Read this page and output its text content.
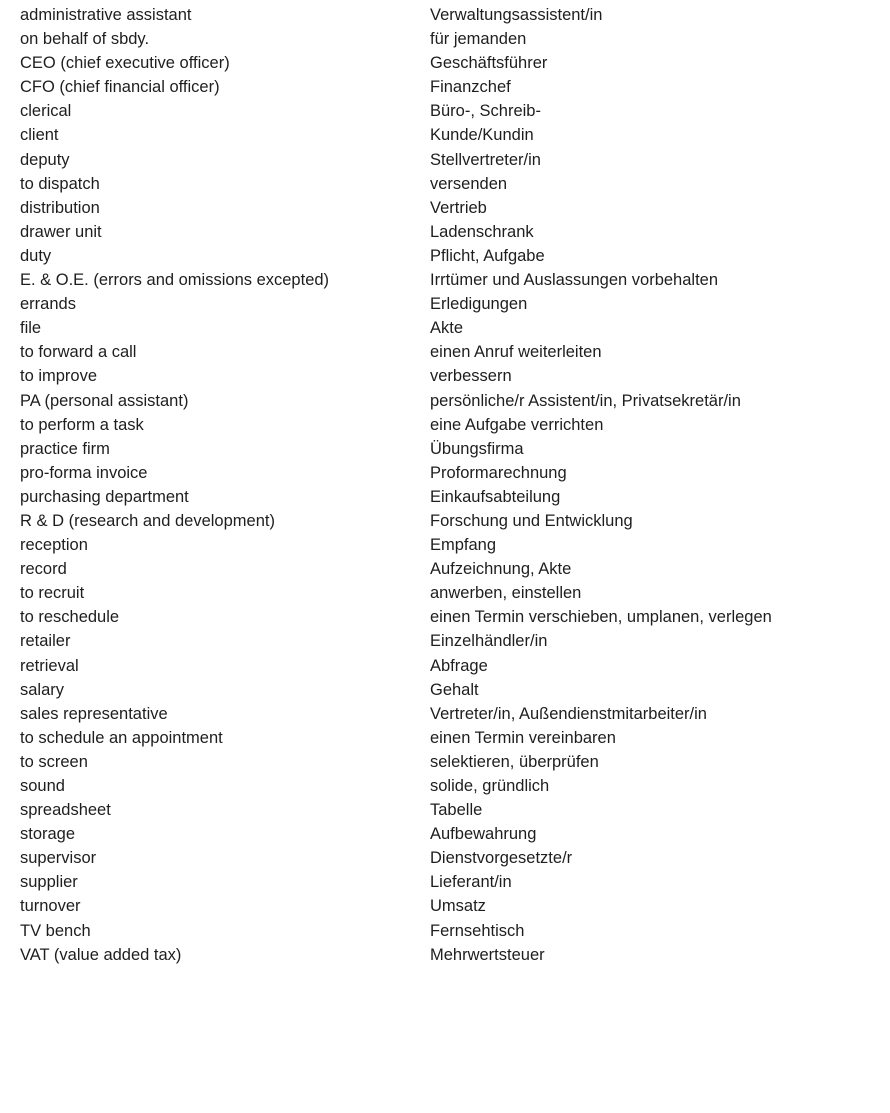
administrative assistant	Verwaltungsassistent/in
on behalf of sbdy.	für jemanden
CEO (chief executive officer)	Geschäftsführer
CFO (chief financial officer)	Finanzchef
clerical	Büro-, Schreib-
client	Kunde/Kundin
deputy	Stellvertreter/in
to dispatch	versenden
distribution	Vertrieb
drawer unit	Ladenschrank
duty	Pflicht, Aufgabe
E. & O.E. (errors and omissions excepted)	Irrtümer und Auslassungen vorbehalten
errands	Erledigungen
file	Akte
to forward a call	einen Anruf weiterleiten
to improve	verbessern
PA (personal assistant)	persönliche/r Assistent/in, Privatsekretär/in
to perform a task	eine Aufgabe verrichten
practice firm	Übungsfirma
pro-forma invoice	Proformarechnung
purchasing department	Einkaufsabteilung
R & D (research and development)	Forschung und Entwicklung
reception	Empfang
record	Aufzeichnung, Akte
to recruit	anwerben, einstellen
to reschedule	einen Termin verschieben, umplanen, verlegen
retailer	Einzelhändler/in
retrieval	Abfrage
salary	Gehalt
sales representative	Vertreter/in, Außendienstmitarbeiter/in
to schedule an appointment	einen Termin vereinbaren
to screen	selektieren, überprüfen
sound	solide, gründlich
spreadsheet	Tabelle
storage	Aufbewahrung
supervisor	Dienstvorgesetzte/r
supplier	Lieferant/in
turnover	Umsatz
TV bench	Fernsehtisch
VAT (value added tax)	Mehrwertsteuer
